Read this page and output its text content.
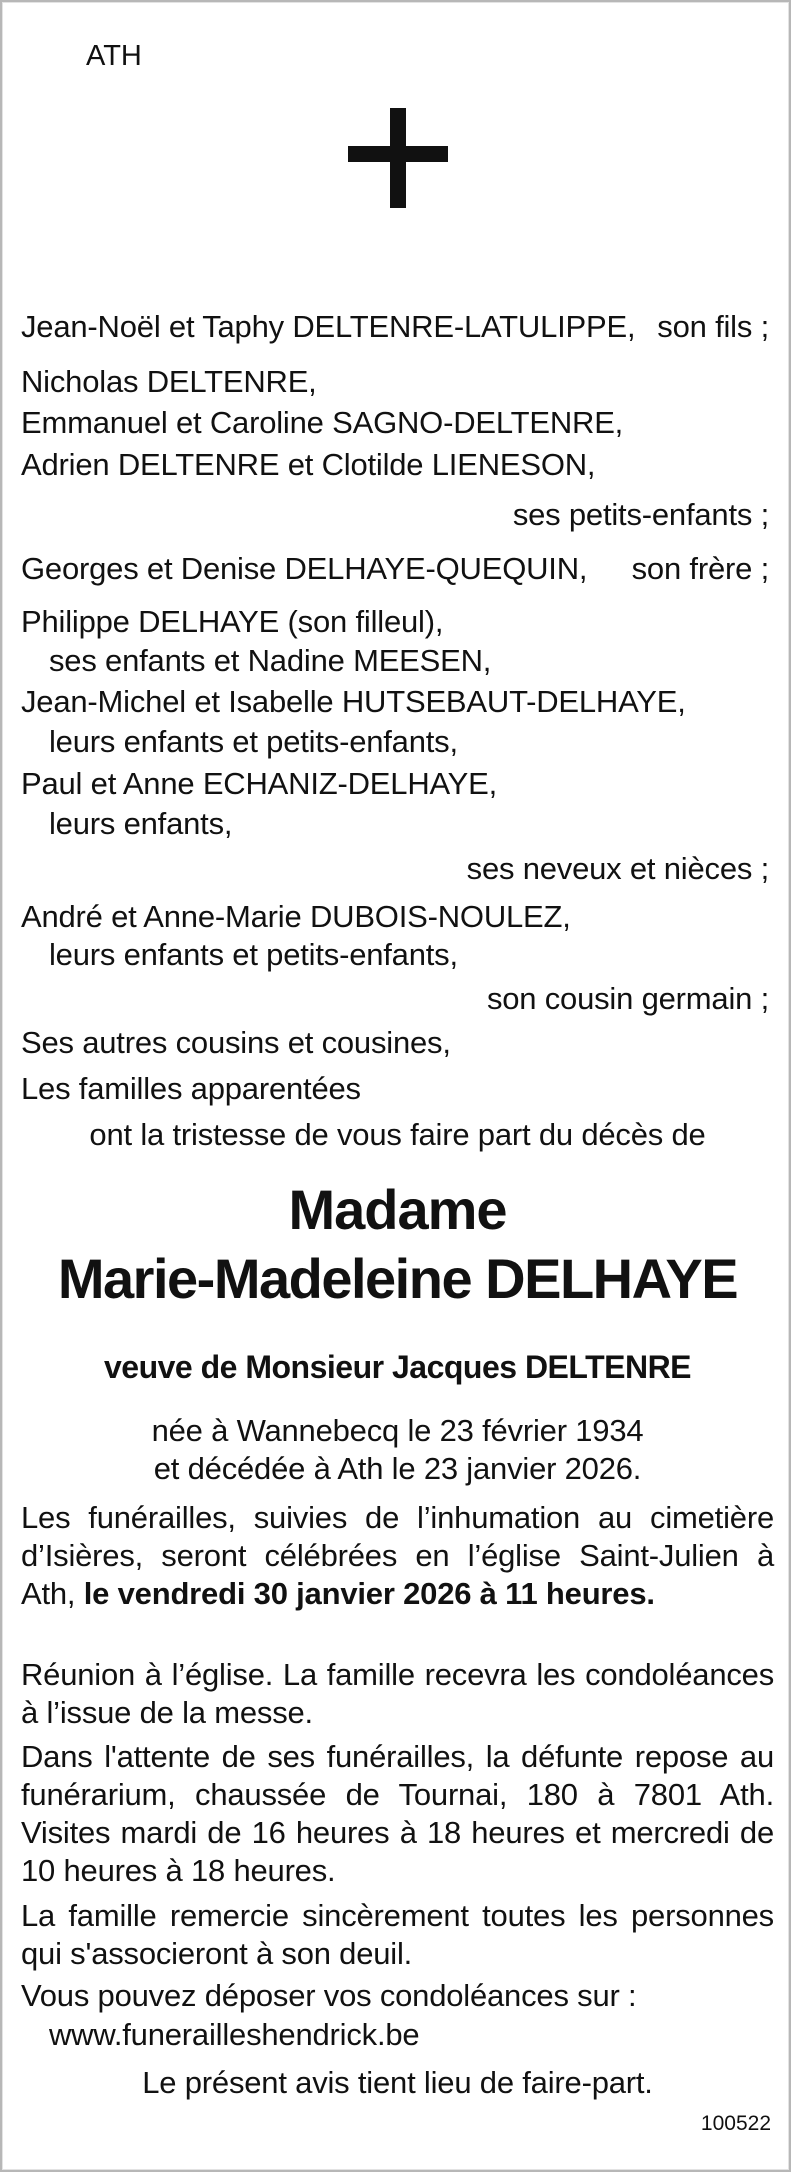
ATH
Jean-Noël et Taphy DELTENRE-LATULIPPE, son fils ;
Nicholas DELTENRE,
Emmanuel et Caroline SAGNO-DELTENRE,
Adrien DELTENRE et Clotilde LIENESON,
ses petits-enfants ;
Georges et Denise DELHAYE-QUEQUIN, son frère ;
Philippe DELHAYE (son filleul),
ses enfants et Nadine MEESEN,
Jean-Michel et Isabelle HUTSEBAUT-DELHAYE,
leurs enfants et petits-enfants,
Paul et Anne ECHANIZ-DELHAYE,
leurs enfants,
ses neveux et nièces ;
André et Anne-Marie DUBOIS-NOULEZ,
leurs enfants et petits-enfants,
son cousin germain ;
Ses autres cousins et cousines,
Les familles apparentées
ont la tristesse de vous faire part du décès de
Madame
Marie-Madeleine DELHAYE
veuve de Monsieur Jacques DELTENRE
née à Wannebecq le 23 février 1934
et décédée à Ath le 23 janvier 2026.
Les funérailles, suivies de l’inhumation au cimetière d’Isières, seront célébrées en l’église Saint-Julien à Ath, le vendredi 30 janvier 2026 à 11 heures.
Réunion à l’église. La famille recevra les condoléances à l’issue de la messe.
Dans l'attente de ses funérailles, la défunte repose au funérarium, chaussée de Tournai, 180 à 7801 Ath. Visites mardi de 16 heures à 18 heures et mercredi de 10 heures à 18 heures.
La famille remercie sincèrement toutes les personnes qui s'associeront à son deuil.
Vous pouvez déposer vos condoléances sur :
www.funerailleshendrick.be
Le présent avis tient lieu de faire-part.
100522
